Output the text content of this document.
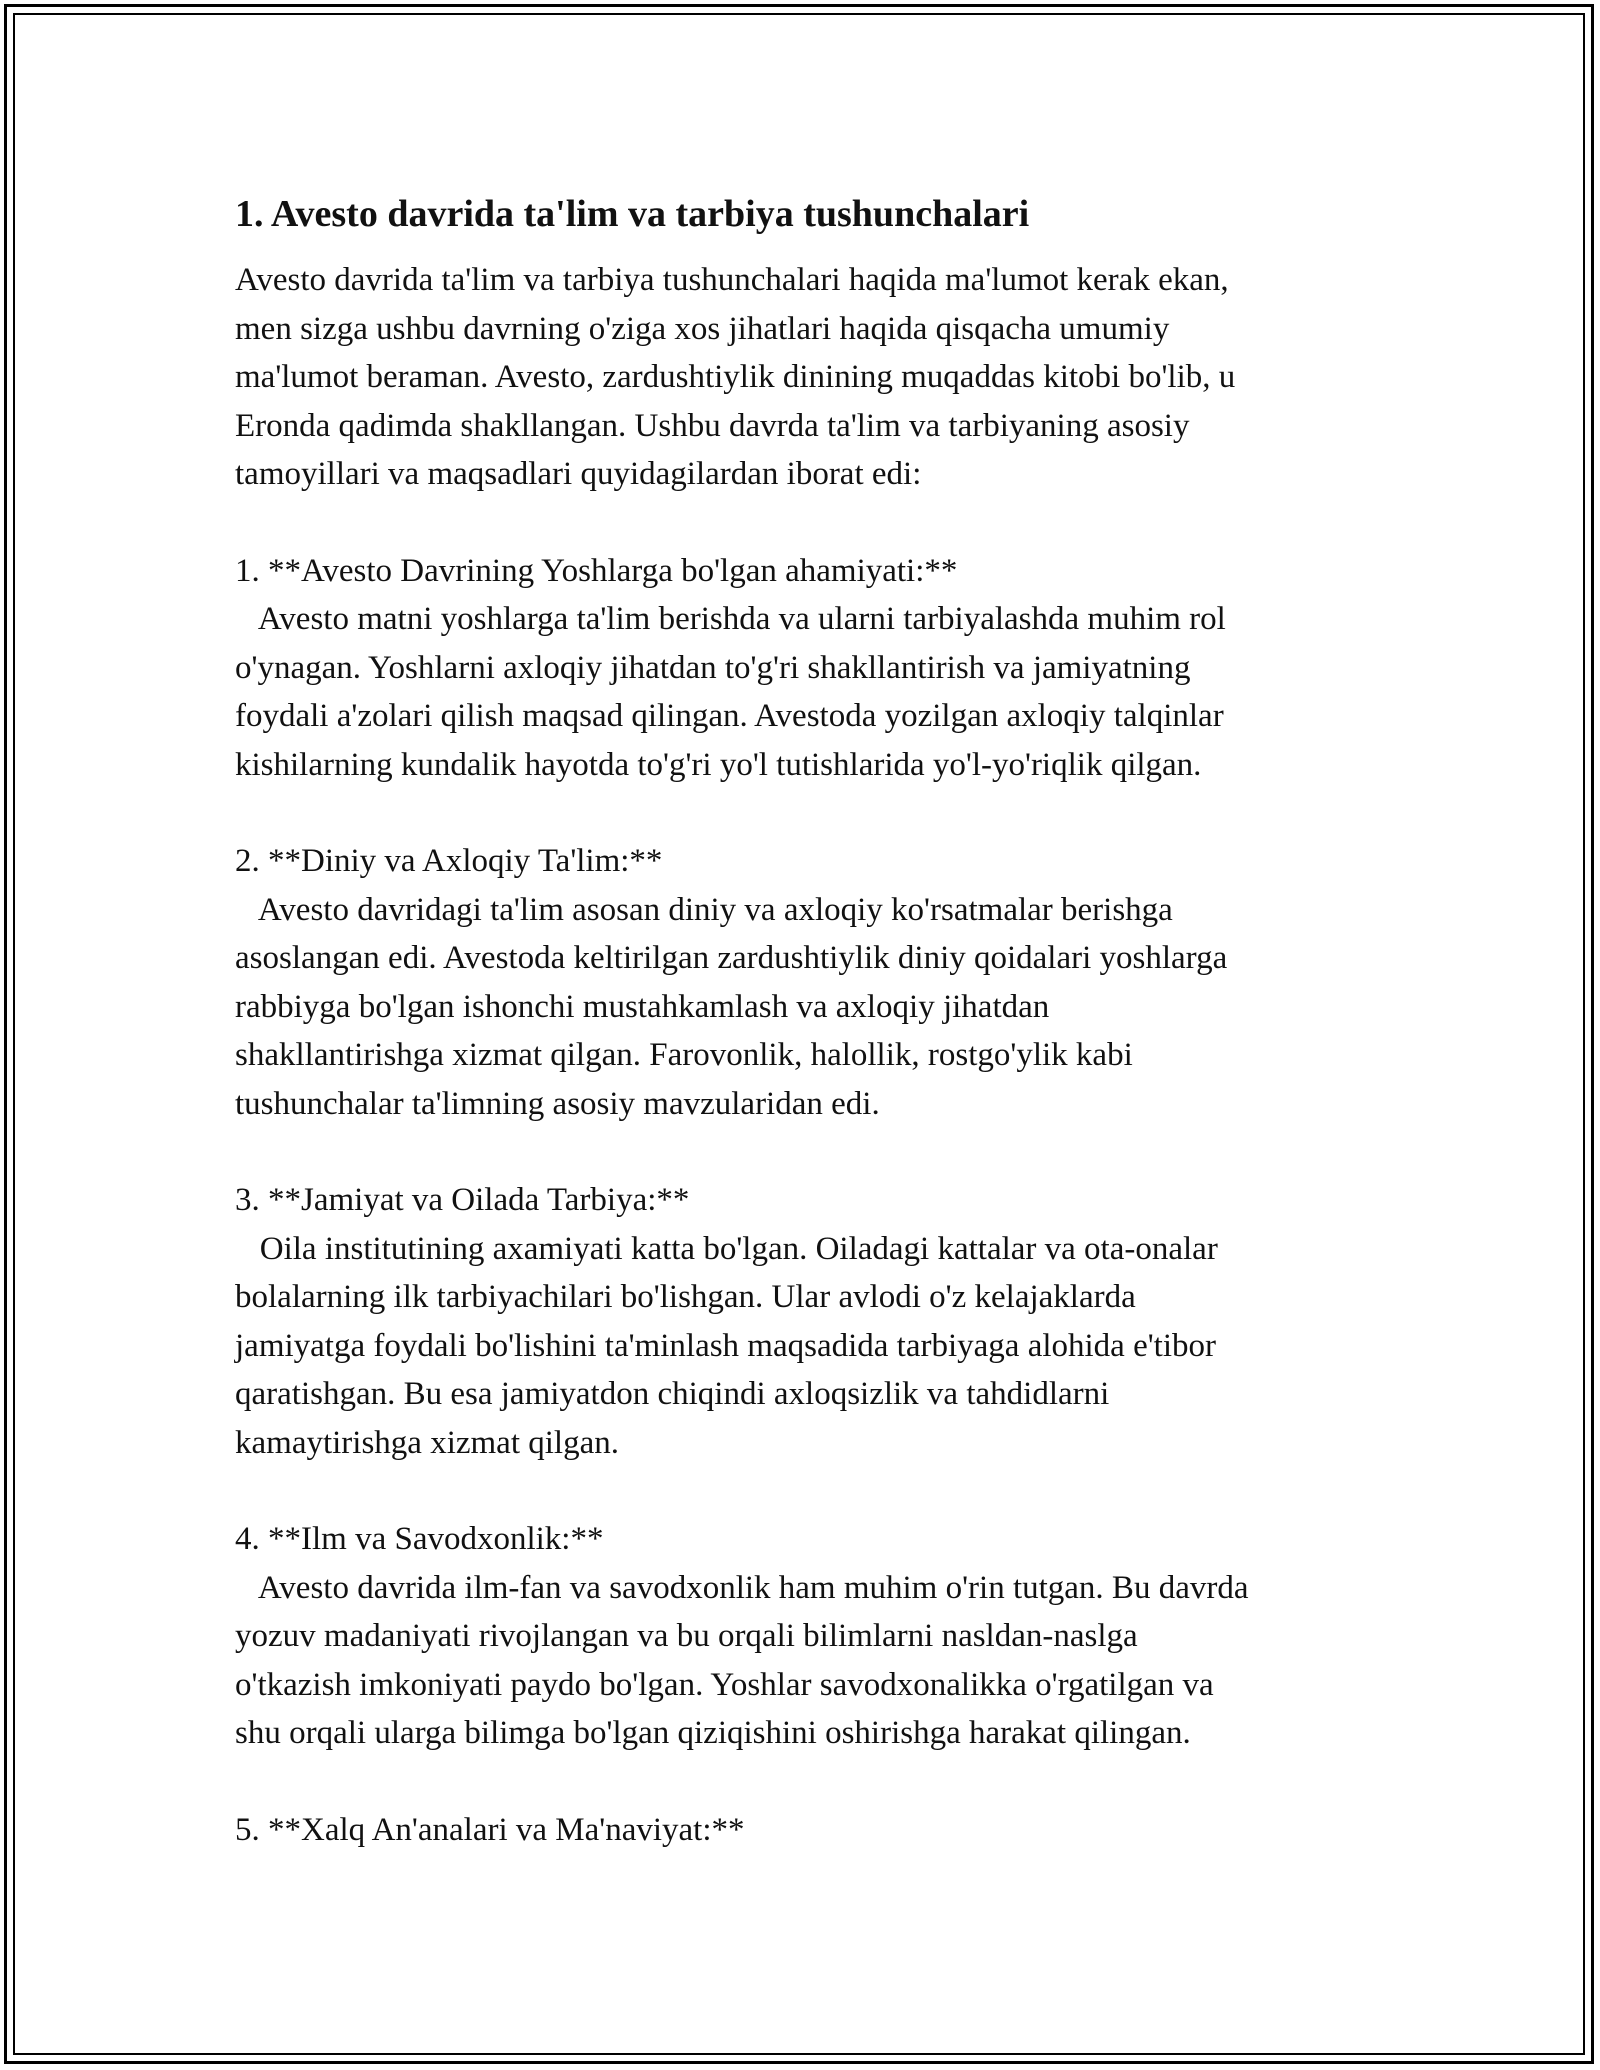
1. Avesto davrida ta'lim va tarbiya tushunchalari

Avesto davrida ta'lim va tarbiya tushunchalari haqida ma'lumot kerak ekan,
men sizga ushbu davrning o'ziga xos jihatlari haqida qisqacha umumiy
ma'lumot beraman. Avesto, zardushtiylik dinining muqaddas kitobi bo'lib, u
Eronda qadimda shakllangan. Ushbu davrda ta'lim va tarbiyaning asosiy
tamoyillari va maqsadlari quyidagilardan iborat edi:

1. **Avesto Davrining Yoshlarga bo'lgan ahamiyati:**
Avesto matni yoshlarga ta'lim berishda va ularni tarbiyalashda muhim rol
o'ynagan. Yoshlarni axloqiy jihatdan to'g'ri shakllantirish va jamiyatning
foydali a'zolari qilish maqsad qilingan. Avestoda yozilgan axloqiy talqinlar
kishilarning kundalik hayotda to'g'ri yo'l tutishlarida yo'l-yo'riqlik qilgan.
2. **Diniy va Axloqiy Ta'lim:**
Avesto davridagi ta'lim asosan diniy va axloqiy ko'rsatmalar berishga
asoslangan edi. Avestoda keltirilgan zardushtiylik diniy qoidalari yoshlarga
rabbiyga bo'lgan ishonchi mustahkamlash va axloqiy jihatdan
shakllantirishga xizmat qilgan. Farovonlik, halollik, rostgo'ylik kabi
tushunchalar ta'limning asosiy mavzularidan edi.
3. **Jamiyat va Oilada Tarbiya:**
Oila institutining axamiyati katta bo'lgan. Oiladagi kattalar va ota-onalar
bolalarning ilk tarbiyachilari bo'lishgan. Ular avlodi o'z kelajaklarda
jamiyatga foydali bo'lishini ta'minlash maqsadida tarbiyaga alohida e'tibor
qaratishgan. Bu esa jamiyatdon chiqindi axloqsizlik va tahdidlarni
kamaytirishga xizmat qilgan.
4. **Ilm va Savodxonlik:**
Avesto davrida ilm-fan va savodxonlik ham muhim o'rin tutgan. Bu davrda
yozuv madaniyati rivojlangan va bu orqali bilimlarni nasldan-naslga
o'tkazish imkoniyati paydo bo'lgan. Yoshlar savodxonalikka o'rgatilgan va
shu orqali ularga bilimga bo'lgan qiziqishini oshirishga harakat qilingan.
5. **Xalq An'analari va Ma'naviyat:**
